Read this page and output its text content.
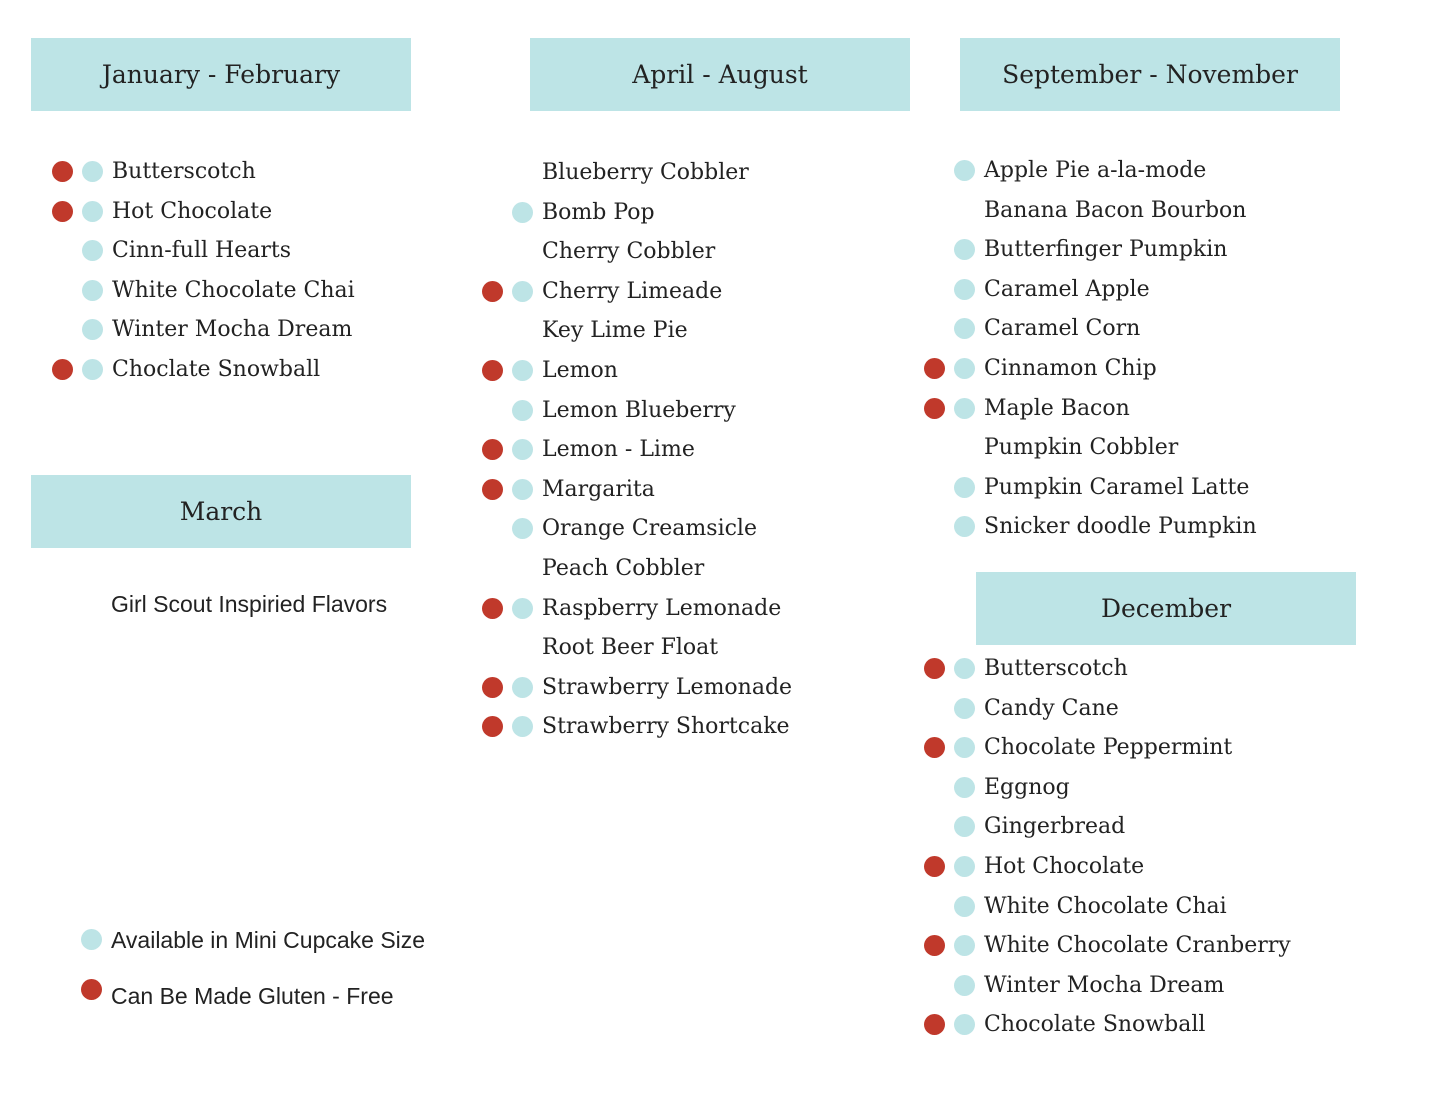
January - February	April - August	September - November
March
December
Butterscotch
Hot Chocolate
Cinn-full Hearts
White Chocolate Chai
Winter Mocha Dream
Choclate Snowball
Blueberry Cobbler
Bomb Pop
Cherry Cobbler
Cherry Limeade
Key Lime Pie
Lemon
Lemon Blueberry
Lemon - Lime
Margarita
Orange Creamsicle
Peach Cobbler
Raspberry Lemonade
Root Beer Float
Strawberry Lemonade
Strawberry Shortcake
Apple Pie a-la-mode
Banana Bacon Bourbon
Butterfinger Pumpkin
Caramel Apple
Caramel Corn
Cinnamon Chip
Maple Bacon
Pumpkin Cobbler
Pumpkin Caramel Latte
Snicker doodle Pumpkin
Butterscotch
Candy Cane
Chocolate Peppermint
Eggnog
Gingerbread
Hot Chocolate
White Chocolate Chai
White Chocolate Cranberry
Winter Mocha Dream
Chocolate Snowball
Girl Scout Inspiried Flavors
Available in Mini Cupcake Size
Can Be Made Gluten - Free
